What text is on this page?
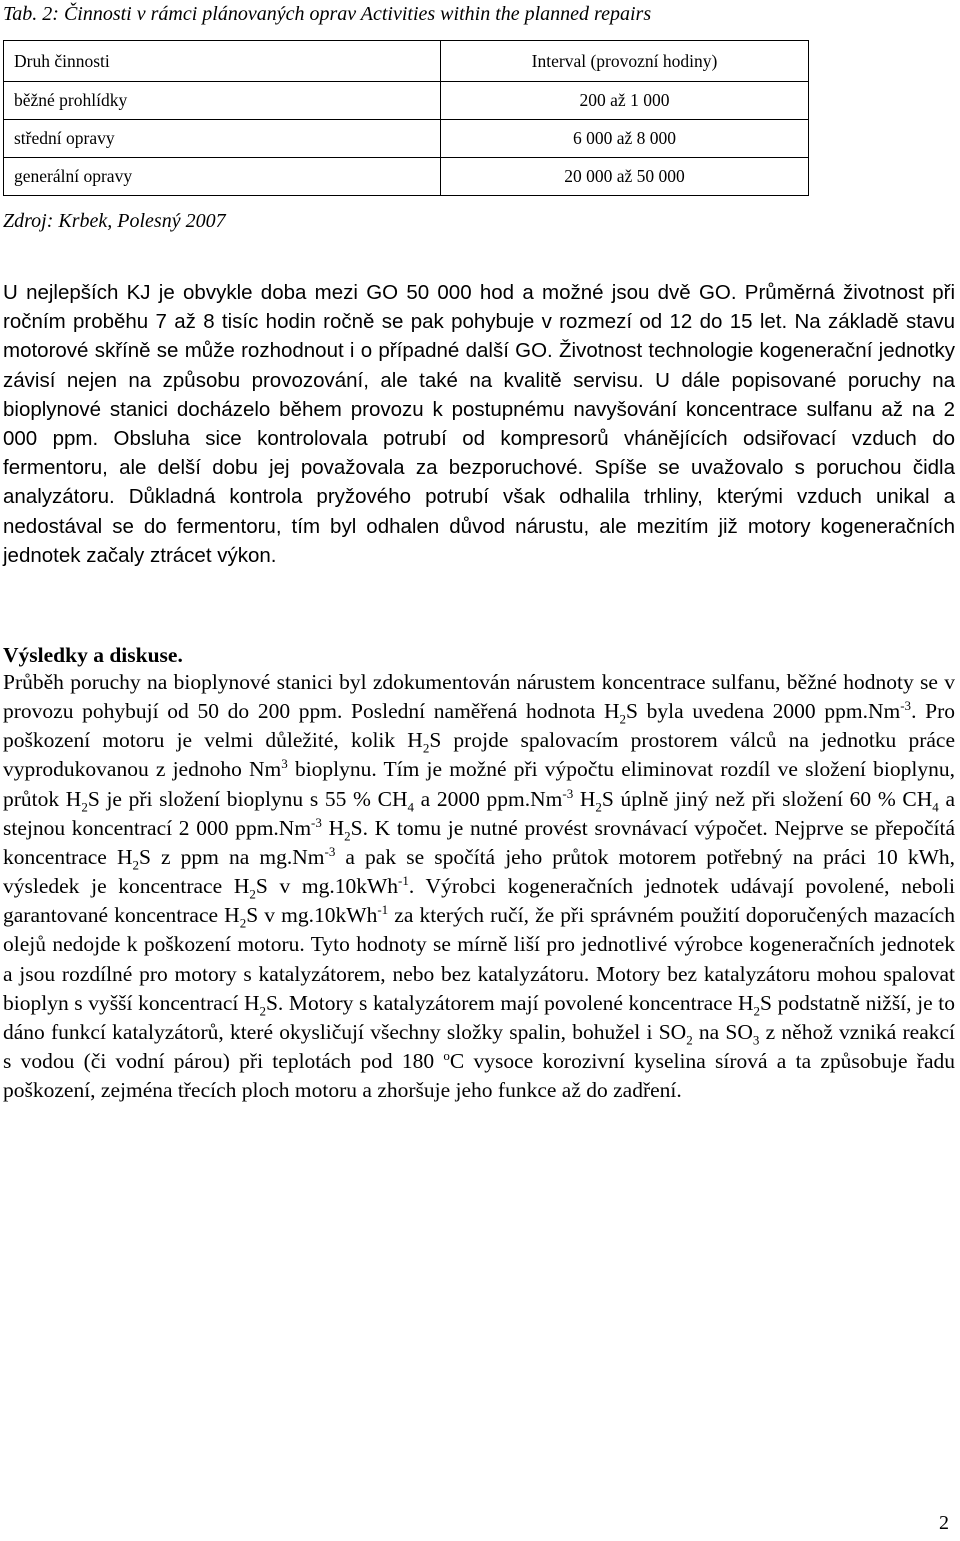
Tab. 2: Činnosti v rámci plánovaných oprav Activities within the planned repairs
Druh činnosti	Interval (provozní hodiny)
běžné prohlídky	200 až 1 000
střední opravy	6 000 až 8 000
generální opravy	20 000 až 50 000
Zdroj: Krbek, Polesný 2007
U nejlepších KJ je obvykle doba mezi GO 50 000 hod a možné jsou dvě GO. Průměrná životnost při ročním proběhu 7 až 8 tisíc hodin ročně se pak pohybuje v rozmezí od 12 do 15 let. Na základě stavu motorové skříně se může rozhodnout i o případné další GO. Životnost technologie kogenerační jednotky závisí nejen na způsobu provozování, ale také na kvalitě servisu. U dále popisované poruchy na bioplynové stanici docházelo během provozu k postupnému navyšování koncentrace sulfanu až na 2 000 ppm. Obsluha sice kontrolovala potrubí od kompresorů vhánějících odsiřovací vzduch do fermentoru, ale delší dobu jej považovala za bezporuchové. Spíše se uvažovalo s poruchou čidla analyzátoru. Důkladná kontrola pryžového potrubí však odhalila trhliny, kterými vzduch unikal a nedostával se do fermentoru, tím byl odhalen důvod nárustu, ale mezitím již motory kogeneračních jednotek začaly ztrácet výkon.
Výsledky a diskuse.
Průběh poruchy na bioplynové stanici byl zdokumentován nárustem koncentrace sulfanu, běžné hodnoty se v provozu pohybují od 50 do 200 ppm. Poslední naměřená hodnota $H_2S$ byla uvedena 2000 $ppm.Nm^{-3}$. Pro poškození motoru je velmi důležité, kolik $H_2S$ projde spalovacím prostorem válců na jednotku práce vyprodukovanou z jednoho Nm$^3$ bioplynu. Tím je možné při výpočtu eliminovat rozdíl ve složení bioplynu, průtok $H_2S$ je při složení bioplynu s 55 % $CH_4$ a 2000 $ppm.Nm^{-3}$ $H_2S$ úplně jiný než při složení 60 % $CH_4$ a stejnou koncentrací 2 000 $ppm.Nm^{-3}$ $H_2S$. K tomu je nutné provést srovnávací výpočet. Nejprve se přepočítá koncentrace $H_2S$ z ppm na $mg.Nm^{-3}$ a pak se spočítá jeho průtok motorem potřebný na práci 10 kWh, výsledek je koncentrace $H_2S$ v mg.10kWh$^{-1}$. Výrobci kogeneračních jednotek udávají povolené, neboli garantované koncentrace $H_2S$ v mg.10kWh$^{-1}$ za kterých ručí, že při správném použití doporučených mazacích olejů nedojde k poškození motoru. Tyto hodnoty se mírně liší pro jednotlivé výrobce kogeneračních jednotek a jsou rozdílné pro motory s katalyzátorem, nebo bez katalyzátoru. Motory bez katalyzátoru mohou spalovat bioplyn s vyšší koncentrací $H_2S$. Motory s katalyzátorem mají povolené koncentrace $H_2S$ podstatně nižší, je to dáno funkcí katalyzátorů, které okysličují všechny složky spalin, bohužel i $SO_2$ na $SO_3$ z něhož vzniká reakcí s vodou (či vodní párou) při teplotách pod 180 $^o$C vysoce korozivní kyselina sírová a ta způsobuje řadu poškození, zejména třecích ploch motoru a zhoršuje jeho funkce až do zadření.
2
